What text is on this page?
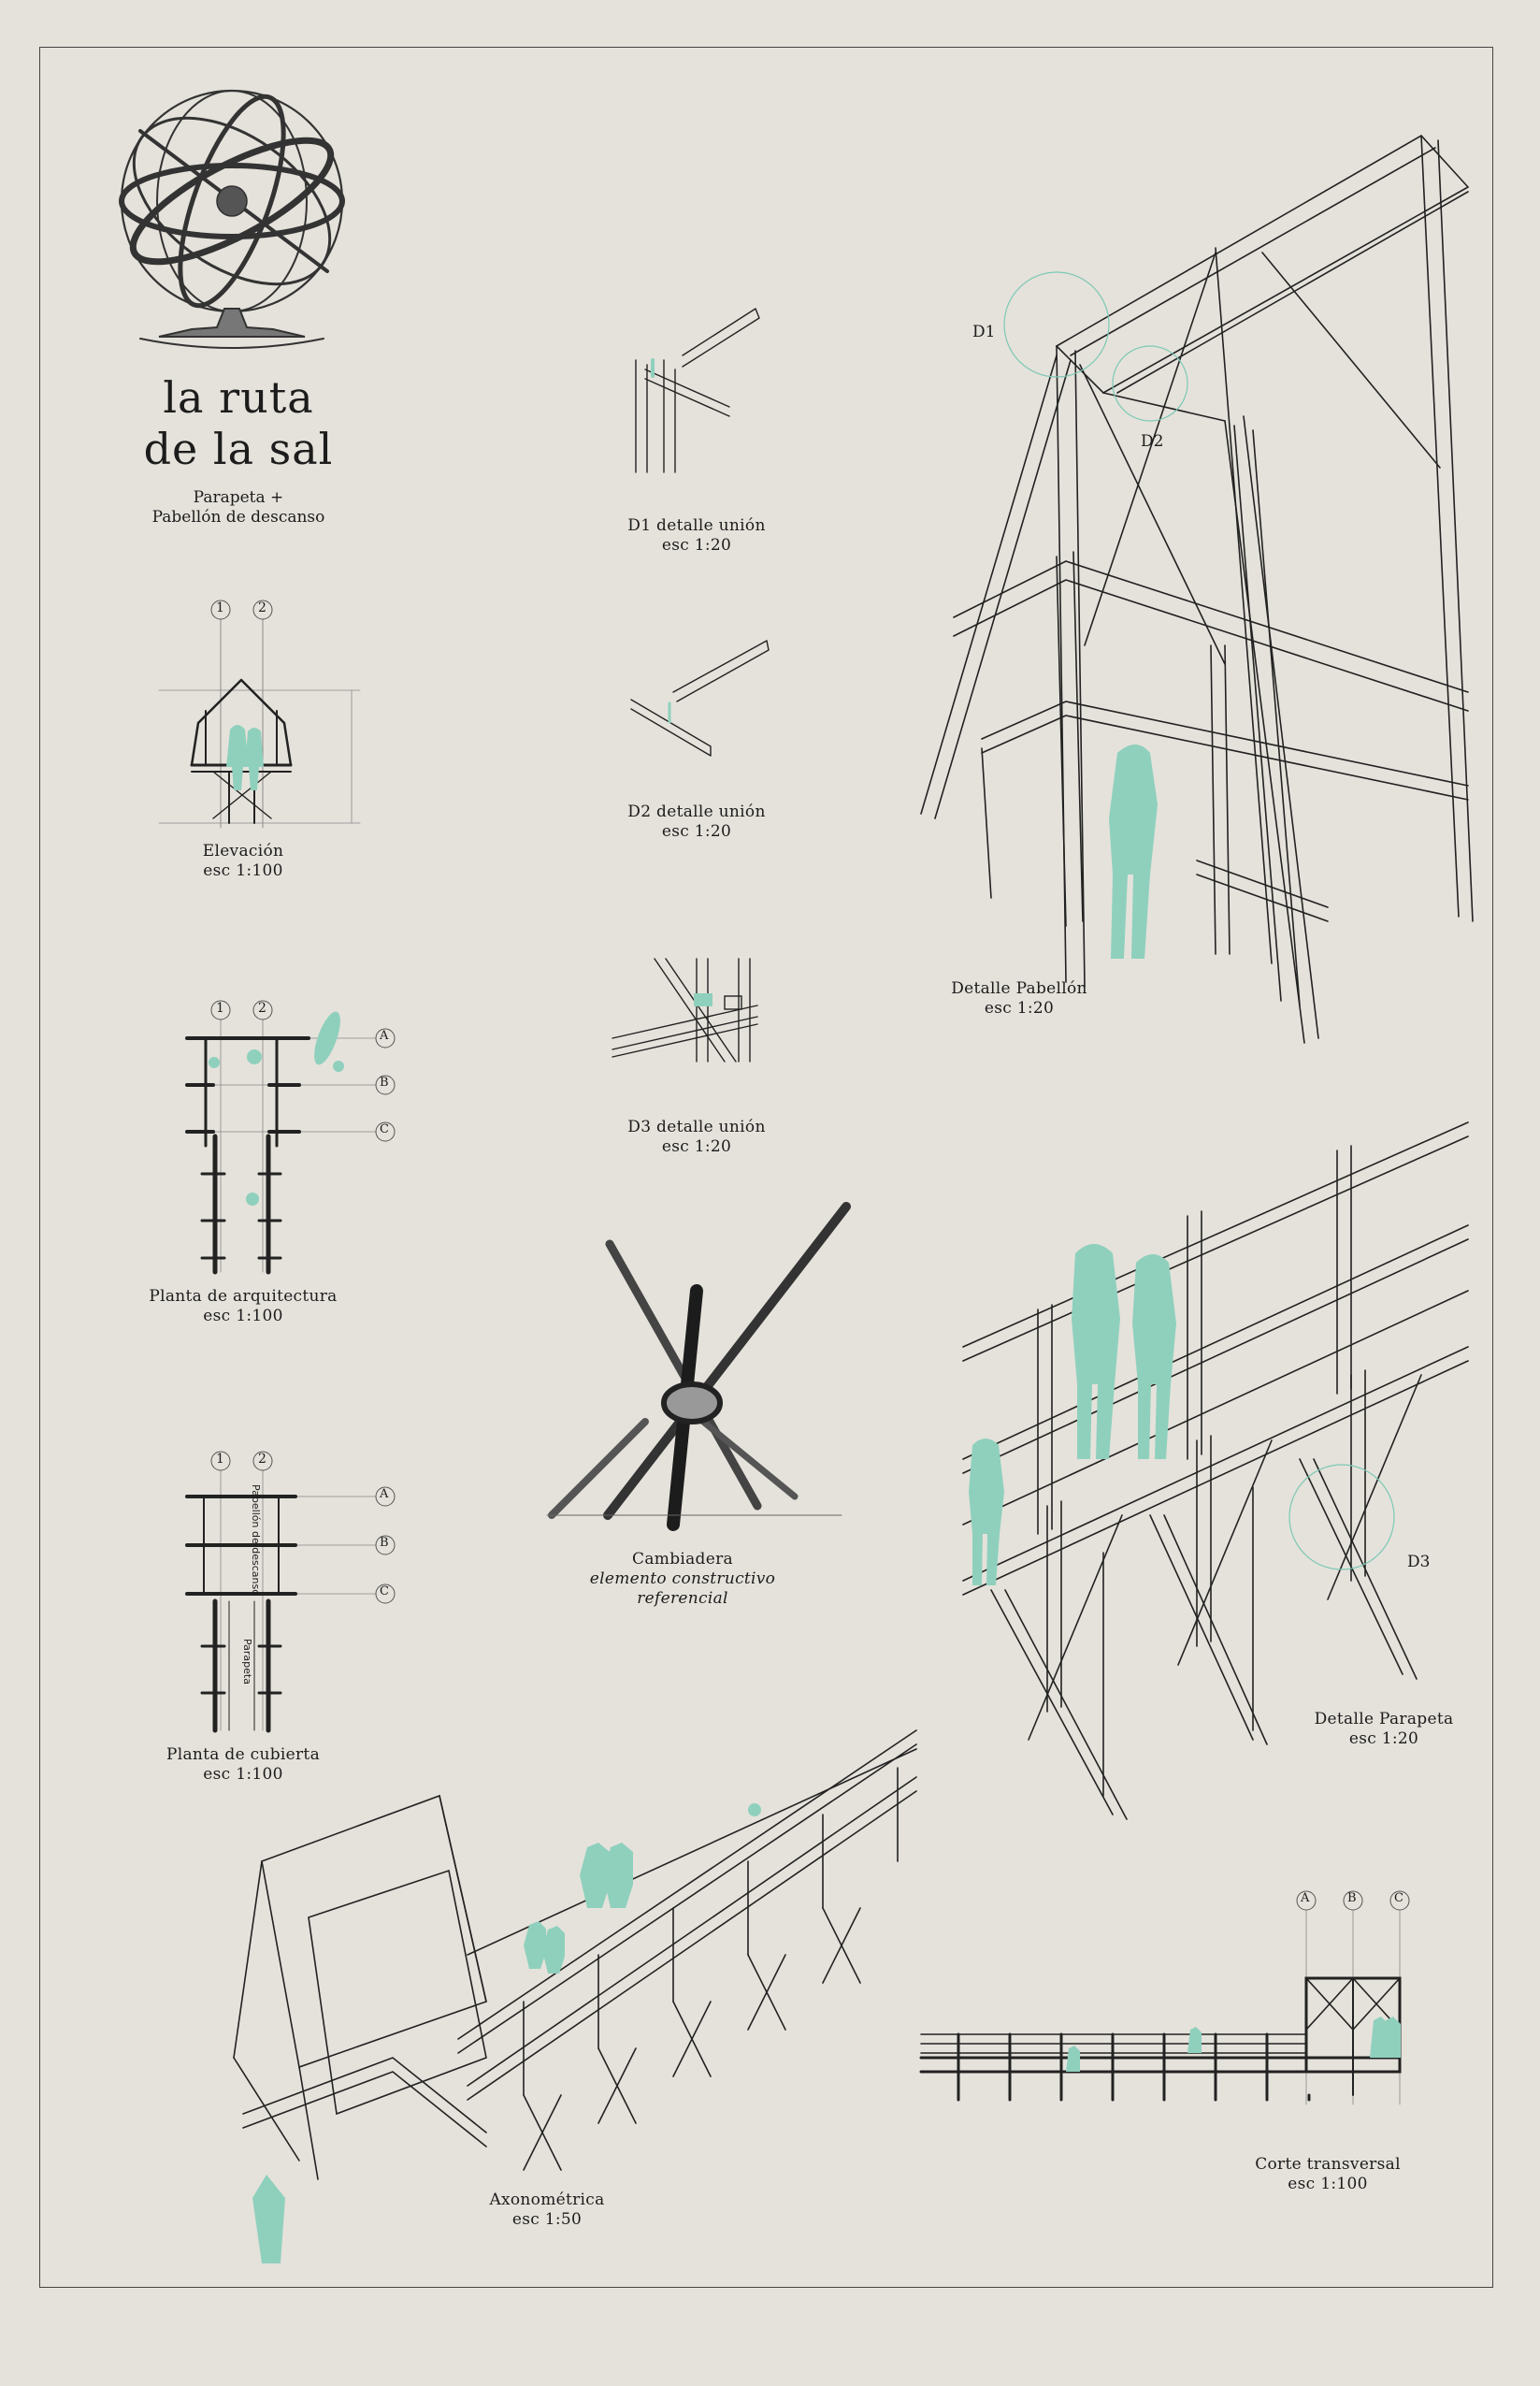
la ruta
de la sal
Parapeta +
Pabellón de descanso
1	2
1	2
A
B
C
1	2
A
B
C
A	B	C
Pabellón de descanso
Parapeta
Elevación
esc 1:100
Planta de arquitectura
esc 1:100
Planta de cubierta
esc 1:100
D1 detalle unión
esc 1:20
D2 detalle unión
esc 1:20
D3 detalle unión
esc 1:20
Cambiadera
elemento constructivo
referencial
Detalle Pabellón
esc 1:20
Detalle Parapeta
esc 1:20
Axonométrica
esc 1:50
Corte transversal
esc 1:100
D1
D2
D3
